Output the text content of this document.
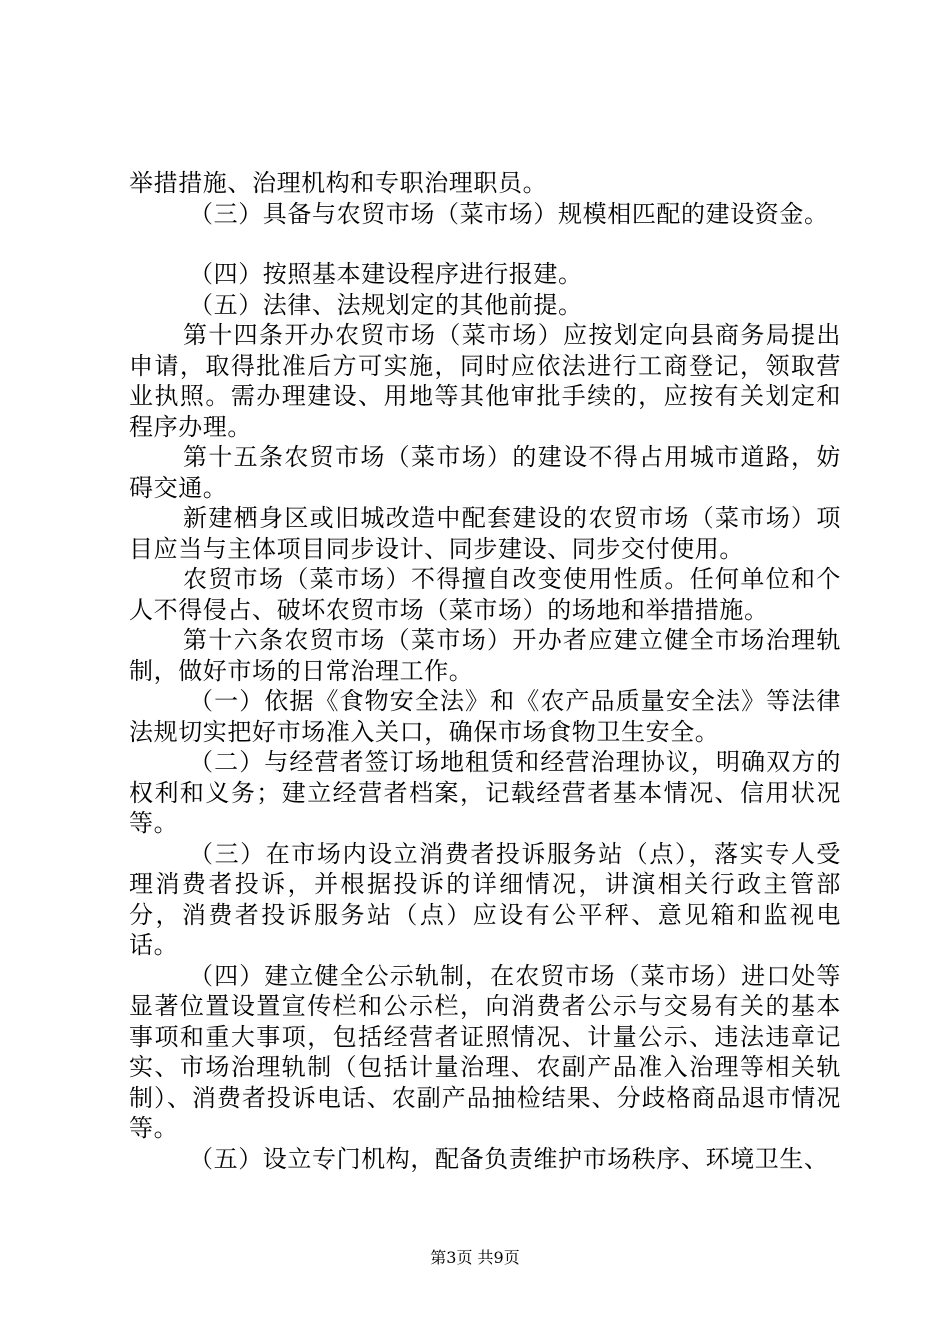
举措措施、治理机构和专职治理职员。

（三）具备与农贸市场（菜市场）规模相匹配的建设资金。

（四）按照基本建设程序进行报建。

（五）法律、法规划定的其他前提。

第十四条开办农贸市场（菜市场）应按划定向县商务局提出申请，取得批准后方可实施，同时应依法进行工商登记，领取营业执照。需办理建设、用地等其他审批手续的，应按有关划定和程序办理。

第十五条农贸市场（菜市场）的建设不得占用城市道路，妨碍交通。

新建栖身区或旧城改造中配套建设的农贸市场（菜市场）项目应当与主体项目同步设计、同步建设、同步交付使用。

农贸市场（菜市场）不得擅自改变使用性质。任何单位和个人不得侵占、破坏农贸市场（菜市场）的场地和举措措施。

第十六条农贸市场（菜市场）开办者应建立健全市场治理轨制，做好市场的日常治理工作。

（一）依据《食物安全法》和《农产品质量安全法》等法律法规切实把好市场准入关口，确保市场食物卫生安全。

（二）与经营者签订场地租赁和经营治理协议，明确双方的权利和义务；建立经营者档案，记载经营者基本情况、信用状况等。

（三）在市场内设立消费者投诉服务站（点），落实专人受理消费者投诉，并根据投诉的详细情况，讲演相关行政主管部分，消费者投诉服务站（点）应设有公平秤、意见箱和监视电话。

（四）建立健全公示轨制，在农贸市场（菜市场）进口处等显著位置设置宣传栏和公示栏，向消费者公示与交易有关的基本事项和重大事项，包括经营者证照情况、计量公示、违法违章记实、市场治理轨制（包括计量治理、农副产品准入治理等相关轨制）、消费者投诉电话、农副产品抽检结果、分歧格商品退市情况等。

（五）设立专门机构，配备负责维护市场秩序、环境卫生、

第3页 共9页
